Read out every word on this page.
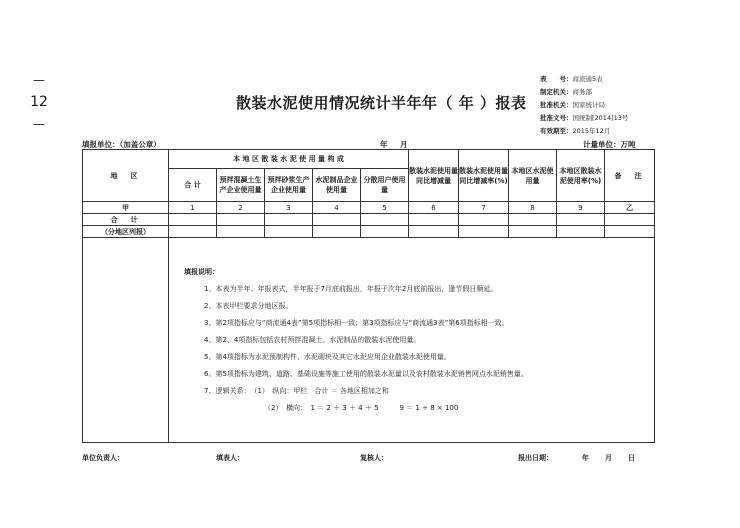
—
12
—
散装水泥使用情况统计半年年（ 年 ）报表
表　　号：商流通5表
制定机关：商务部
批准机关：国家统计局
批准文号：国统制[2014]13号
有效期至：2015年12月
填报单位：（加盖公章）	年 月	计量单位：万吨
地　区	本 地 区 散 装 水 泥 使 用 量 构 成					散装水泥使用量同比增减量	散装水泥使用量同比增减率(%)	本地区水泥使用量	本地区散装水泥使用率(%)	备　注
	合 计	预拌混凝土生产企业使用量	预拌砂浆生产企业使用量	水泥制品企业使用量	分散用户使用量					
甲	1	2	3	4	5	6	7	8	9	乙
合　计										
（分地区列报）										

填报说明：
1、本表为半年、年报表式，半年报于7月底前报出，年报于次年2月底前报出，逢节假日顺延。
2、本表甲栏要求分地区报。
3、第2项指标应与“商流通4表”第5项指标相一致；第3项指标应与“商流通3表”第6项指标相一致。
4、第2、4项指标包括农村预拌混凝土、水泥制品的散装水泥使用量。
5、第4项指标为水泥预制构件、水泥砌块及其它水泥应用企业散装水泥使用量。
6、第5项指标为建筑、道路、基础设施等施工使用的散装水泥量以及农村散装水泥销售网点水泥销售量。
7、逻辑关系：　（1）　纵向：甲栏　合计 ＝ 各地区相加之和
（2）　横向：　1 ＝ 2 ＋ 3 ＋ 4 ＋ 5　　　9 ＝ 1 ÷ 8 × 100
单位负责人：	填表人：	复核人：	报出日期：	年 月 日
